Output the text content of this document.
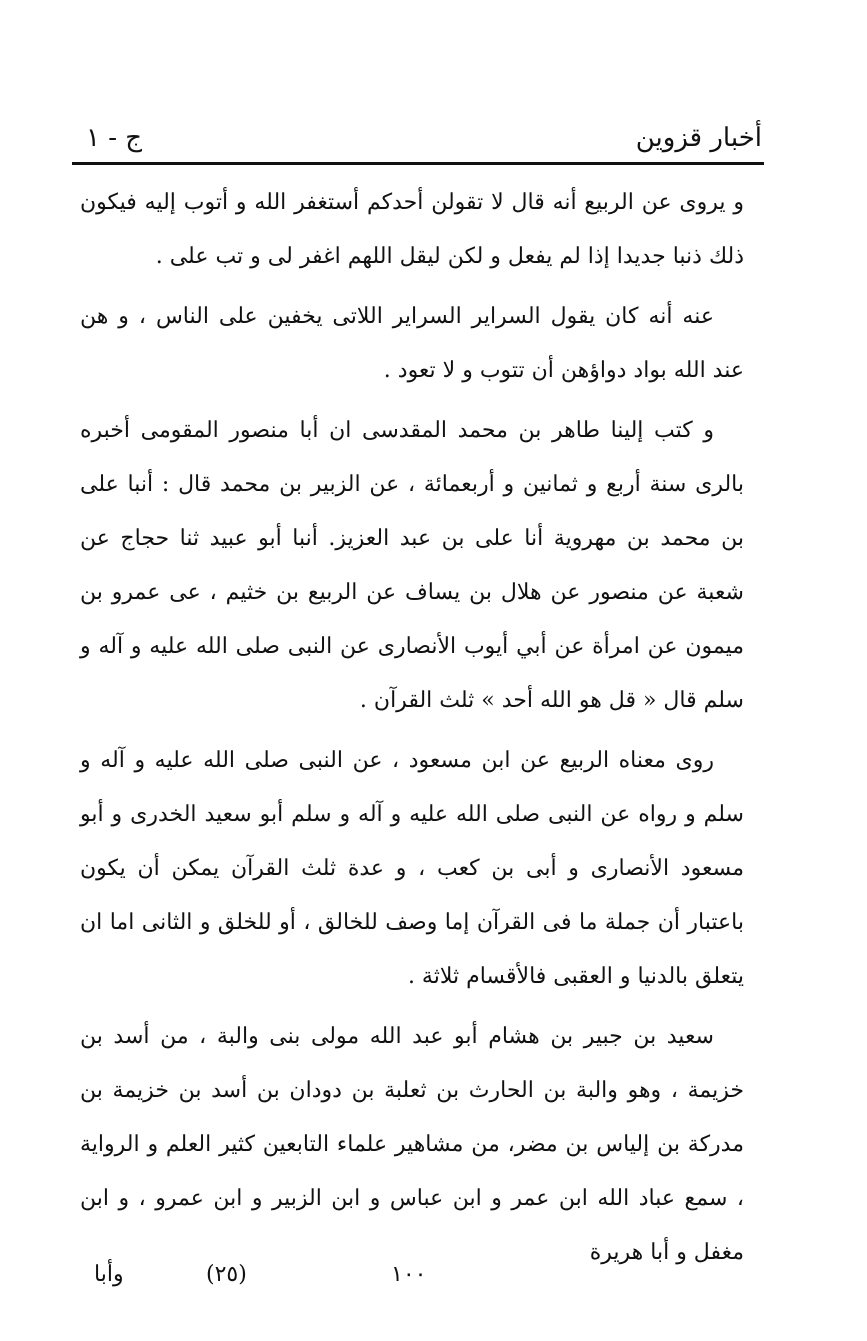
أخبار قزوين
ج - ١

و يروى عن الربيع أنه قال لا تقولن أحدكم أستغفر الله و أتوب إليه فيكون ذلك ذنبا جديدا إذا لم يفعل و لكن ليقل اللهم اغفر لى و تب على .

عنه أنه كان يقول السراير السراير اللاتى يخفين على الناس ، و هن عند الله بواد دواؤهن أن تتوب و لا تعود .

و كتب إلينا طاهر بن محمد المقدسى ان أبا منصور المقومى أخبره بالرى سنة أربع و ثمانين و أربعمائة ، عن الزبير بن محمد قال : أنبا على بن محمد بن مهروية أنا على بن عبد العزيز. أنبا أبو عبيد ثنا حجاج عن شعبة عن منصور عن هلال بن يساف عن الربيع بن خثيم ، عى عمرو بن ميمون عن امرأة عن أبي أيوب الأنصارى عن النبى صلى الله عليه و آله و سلم قال « قل هو الله أحد » ثلث القرآن .

روى معناه الربيع عن ابن مسعود ، عن النبى صلى الله عليه و آله و سلم و رواه عن النبى صلى الله عليه و آله و سلم أبو سعيد الخدرى و أبو مسعود الأنصارى و أبى بن كعب ، و عدة ثلث القرآن يمكن أن يكون باعتبار أن جملة ما فى القرآن إما وصف للخالق ، أو للخلق و الثانى اما ان يتعلق بالدنيا و العقبى فالأقسام ثلاثة .

سعيد بن جبير بن هشام أبو عبد الله مولى بنى والبة ، من أسد بن خزيمة ، وهو والبة بن الحارث بن ثعلبة بن دودان بن أسد بن خزيمة بن مدركة بن إلياس بن مضر، من مشاهير علماء التابعين كثير العلم و الرواية ، سمع عباد الله ابن عمر و ابن عباس و ابن الزبير و ابن عمرو ، و ابن مغفل و أبا هريرة

وأبا	(٢٥)	١٠٠
